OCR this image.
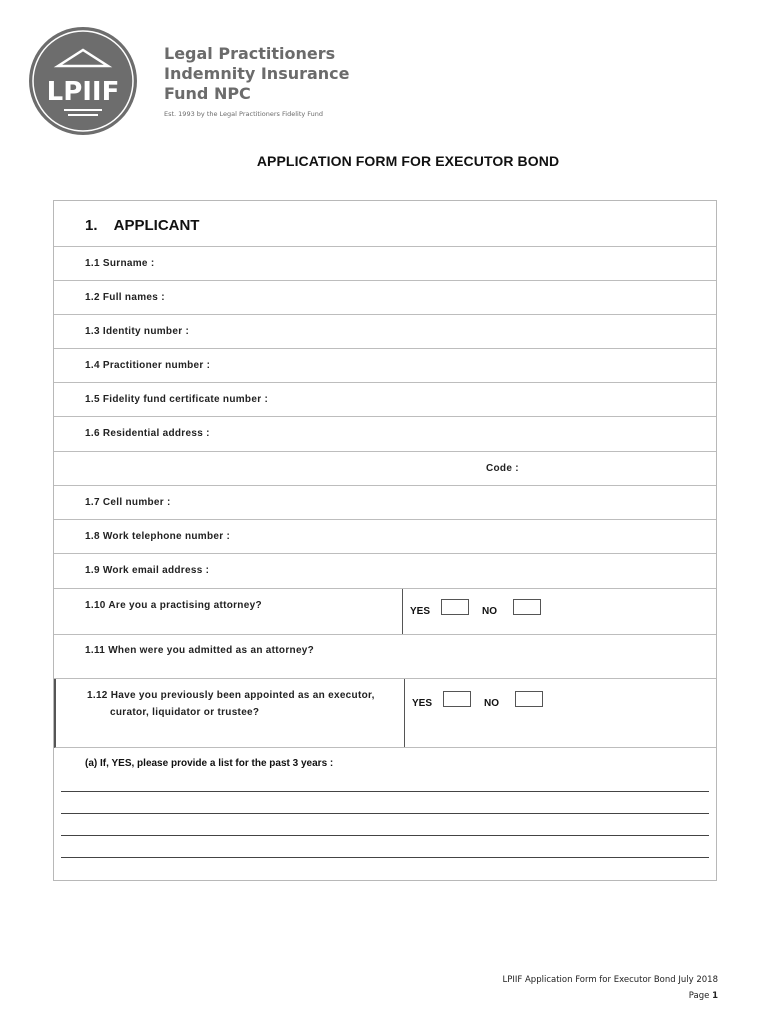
LPIIF
Legal Practitioners
Indemnity Insurance
Fund NPC
Est. 1993 by the Legal Practitioners Fidelity Fund
APPLICATION FORM FOR EXECUTOR BOND
1. APPLICANT
1.1 Surname :
1.2 Full names :
1.3 Identity number :
1.4 Practitioner number :
1.5 Fidelity fund certificate number :
1.6 Residential address :
Code :
1.7 Cell number :
1.8 Work telephone number :
1.9 Work email address :
1.10 Are you a practising attorney?
YES	NO
1.11 When were you admitted as an attorney?
1.12 Have you previously been appointed as an executor,
curator, liquidator or trustee?
YES	NO
(a) If, YES, please provide a list for the past 3 years :
LPIIF Application Form for Executor Bond July 2018
Page 1
